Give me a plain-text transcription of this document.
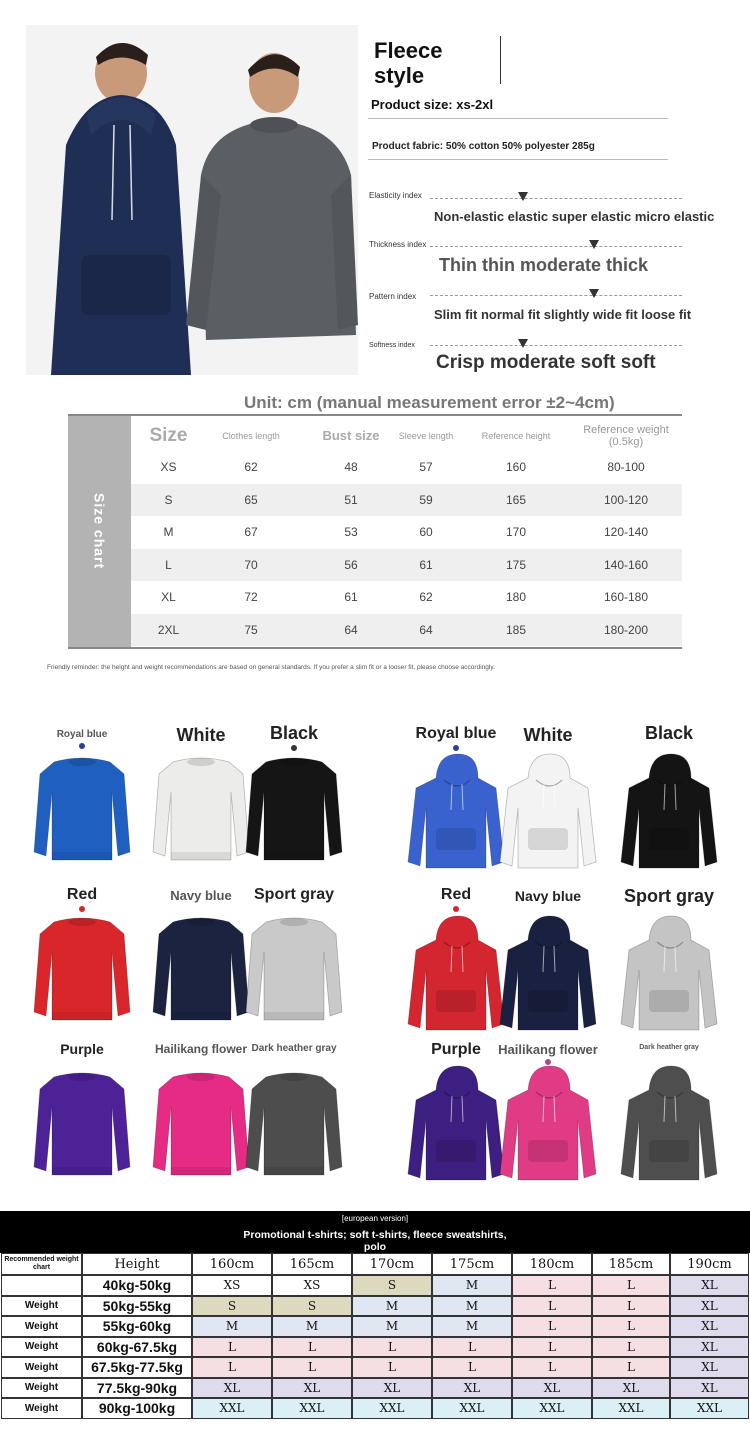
Fleece
style
Product size: xs-2xl
Product fabric: 50% cotton 50% polyester 285g
Elasticity index
Non-elastic elastic super elastic micro elastic
Thickness index
Thin thin moderate thick
Pattern index
Slim fit normal fit slightly wide fit loose fit
Softness index
Crisp moderate soft soft
Unit: cm (manual measurement error ±2~4cm)
Size chart
Size	Clothes length	Bust size	Sleeve length	Reference height	Reference weight (0.5kg)
XS	62	48	57	160	80-100
S	65	51	59	165	100-120
M	67	53	60	170	120-140
L	70	56	61	175	140-160
XL	72	61	62	180	160-180
2XL	75	64	64	185	180-200
Friendly reminder: the height and weight recommendations are based on general standards. If you prefer a slim fit or a looser fit, please choose accordingly.
Royal blue	White Black
Red	Navy blue Sport gray
Purple	Hailikang flower Dark heather gray
Royal blue White	Black
Red	Navy blue Sport gray
Purple Hailikang flower	Dark heather gray
[european version]
Promotional t-shirts; soft t-shirts, fleece sweatshirts,
polo
Recommended weight chart	Height	160cm	165cm	170cm	175cm	180cm	185cm	190cm
40kg-50kg	XS	XS	S	M	L	L	XL
Weight	50kg-55kg	S	S	M	M	L	L	XL
Weight	55kg-60kg	M	M	M	M	L	L	XL
Weight	60kg-67.5kg	L	L	L	L	L	L	XL
Weight	67.5kg-77.5kg	L	L	L	L	L	L	XL
Weight	77.5kg-90kg	XL	XL	XL	XL	XL	XL	XL
Weight	90kg-100kg	XXL	XXL	XXL	XXL	XXL	XXL	XXL
